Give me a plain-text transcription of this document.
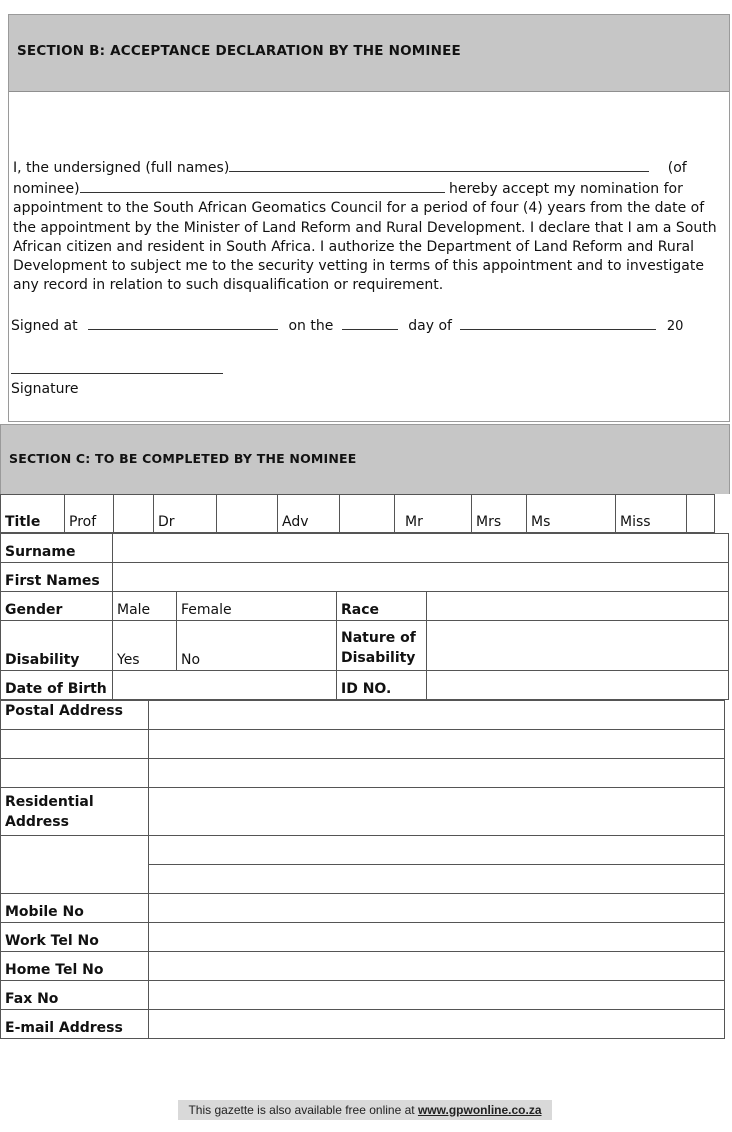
SECTION B: ACCEPTANCE DECLARATION BY THE NOMINEE

I, the undersigned (full names)	(of

nominee)	hereby accept my nomination for

appointment to the South African Geomatics Council for a period of four (4) years from the date of the appointment by the Minister of Land Reform and Rural Development. I declare that I am a South African citizen and resident in South Africa. I authorize the Department of Land Reform and Rural Development to subject me to the security vetting in terms of this appointment and to investigate any record in relation to such disqualification or requirement.

Signed at	on the	day of	20
Signature
SECTION C: TO BE COMPLETED BY THE NOMINEE
Title	Prof		Dr		Adv		Mr	Mrs	Ms	Miss	
Surname				
First Names				
Gender	Male	Female	Race	
Disability	Yes	No	Nature of Disability	
Date of Birth			ID NO.	
Postal Address	

Residential Address	

Mobile No	
Work Tel No	
Home Tel No	
Fax No	
E-mail Address	
This gazette is also available free online at www.gpwonline.co.za
